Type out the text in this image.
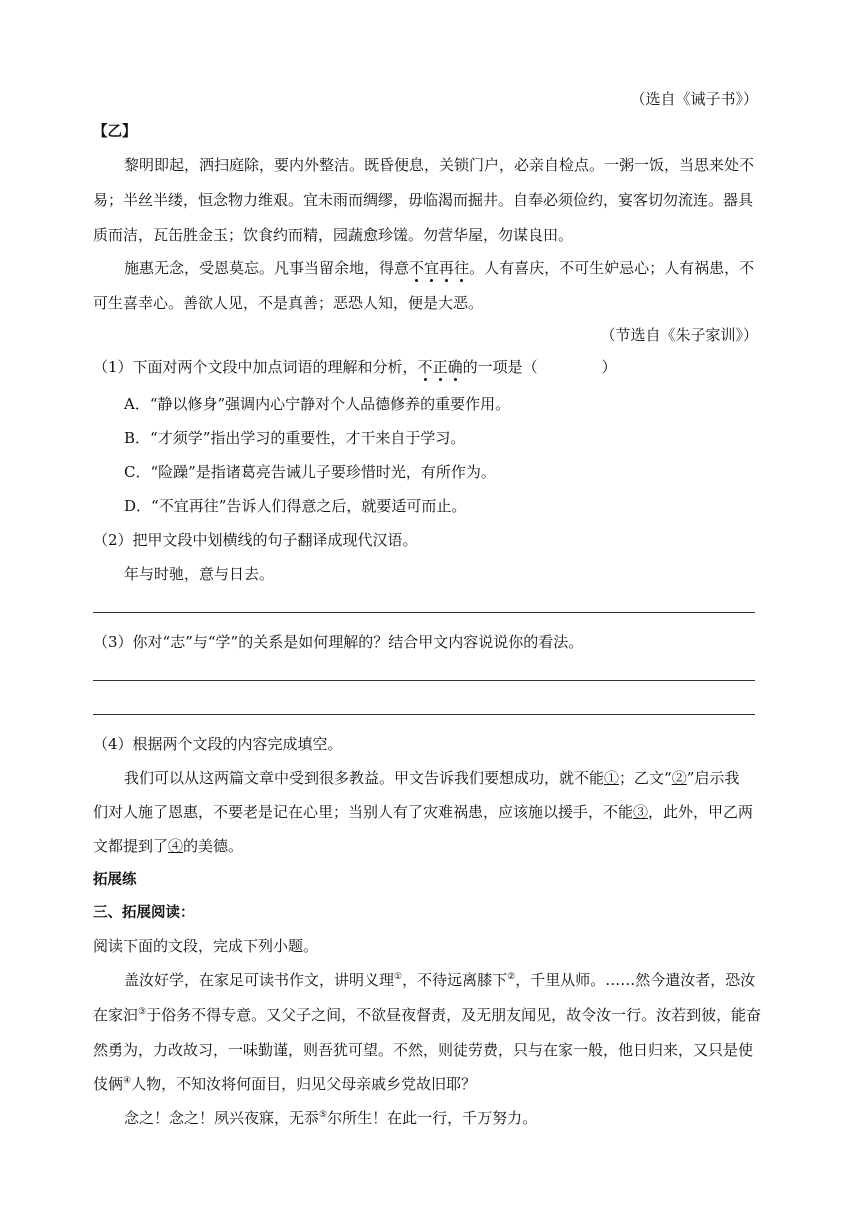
（选自《诫子书》）
【乙】
黎明即起，洒扫庭除，要内外整洁。既昏便息，关锁门户，必亲自检点。一粥一饭，当思来处不
易；半丝半缕，恒念物力维艰。宜未雨而绸缪，毋临渴而掘井。自奉必须俭约，宴客切勿流连。器具
质而洁，瓦缶胜金玉；饮食约而精，园蔬愈珍馐。勿营华屋，勿谋良田。
施惠无念，受恩莫忘。凡事当留余地，得意不宜再往。人有喜庆，不可生妒忌心；人有祸患，不
可生喜幸心。善欲人见，不是真善；恶恐人知，便是大恶。
（节选自《朱子家训》）
（1）下面对两个文段中加点词语的理解和分析，不正确的一项是（	）
A．“静以修身”强调内心宁静对个人品德修养的重要作用。
B．“才须学”指出学习的重要性，才干来自于学习。
C．“险躁”是指诸葛亮告诫儿子要珍惜时光，有所作为。
D．“不宜再往”告诉人们得意之后，就要适可而止。
（2）把甲文段中划横线的句子翻译成现代汉语。
年与时驰，意与日去。
（3）你对“志”与“学”的关系是如何理解的？结合甲文内容说说你的看法。
（4）根据两个文段的内容完成填空。
我们可以从这两篇文章中受到很多教益。甲文告诉我们要想成功，就不能①；乙文“②”启示我
们对人施了恩惠，不要老是记在心里；当别人有了灾难祸患，应该施以援手，不能③，此外，甲乙两
文都提到了④的美德。
拓展练
三、拓展阅读：
阅读下面的文段，完成下列小题。
盖汝好学，在家足可读书作文，讲明义理①，不待远离膝下②，千里从师。……然今遣汝者，恐汝
在家汩③于俗务不得专意。又父子之间，不欲昼夜督责，及无朋友闻见，故令汝一行。汝若到彼，能奋
然勇为，力改故习，一味勤谨，则吾犹可望。不然，则徒劳费，只与在家一般，他日归来，又只是使
伎俩④人物，不知汝将何面目，归见父母亲戚乡党故旧耶？
念之！念之！夙兴夜寐，无忝⑤尔所生！在此一行，千万努力。
